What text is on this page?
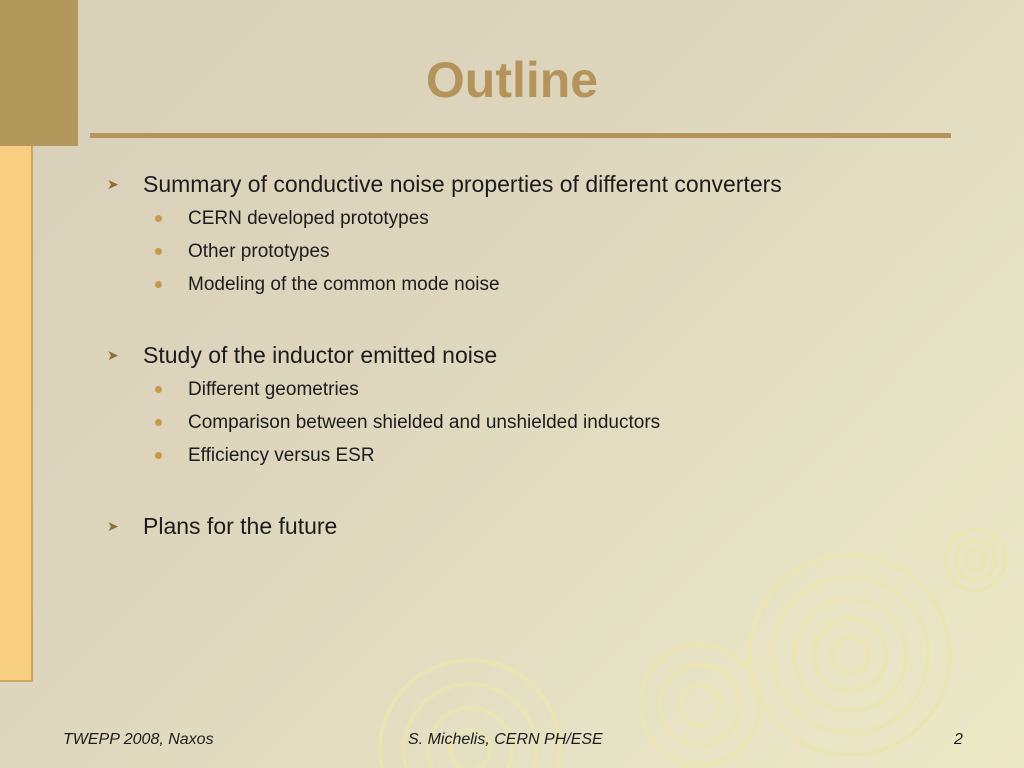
Outline
➤ Summary of conductive noise properties of different converters
CERN developed prototypes
Other prototypes
Modeling of the common mode noise
➤ Study of the inductor emitted noise
Different geometries
Comparison between shielded and unshielded inductors
Efficiency versus ESR
➤ Plans for the future
TWEPP 2008, Naxos	S. Michelis, CERN PH/ESE	2
